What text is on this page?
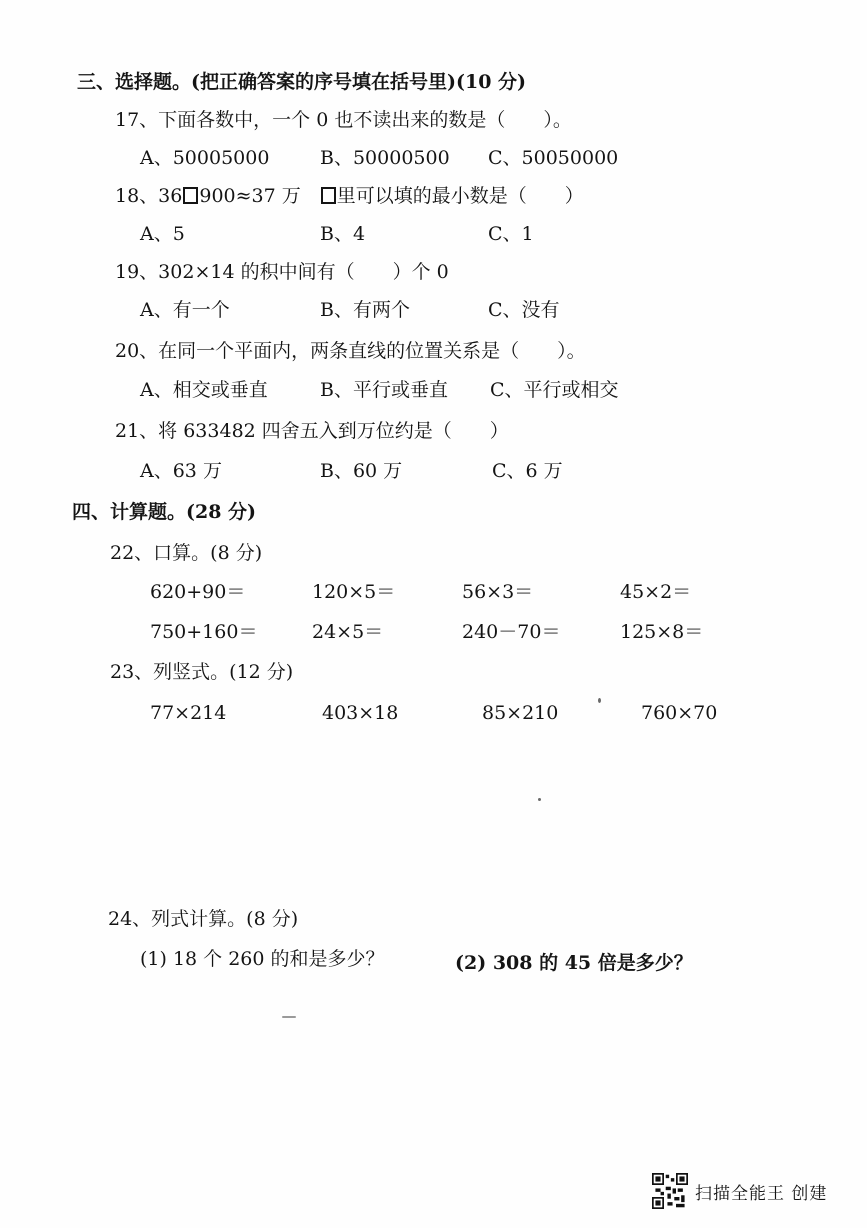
三、选择题。(把正确答案的序号填在括号里)(10 分)
17、下面各数中，一个 0 也不读出来的数是（　　）。
A、50005000	B、50000500 C、50050000
18、36 900≈37 万　里可以填的最小数是（　　）
A、5	B、4	C、1
19、302×14 的积中间有（　　）个 0
A、有一个	B、有两个	C、没有
20、在同一个平面内，两条直线的位置关系是（　　）。
A、相交或垂直	B、平行或垂直 C、平行或相交
21、将 633482 四舍五入到万位约是（　　）
A、63 万	B、60 万	C、6 万
四、计算题。(28 分)
22、口算。(8 分)
620+90＝	120×5＝	56×3＝	45×2＝
750+160＝	24×5＝	240－70＝	125×8＝
23、列竖式。(12 分)
77×214	403×18	85×210	760×70
24、列式计算。(8 分)
(1) 18 个 260 的和是多少？	(2) 308 的 45 倍是多少？
扫描全能王 创建
